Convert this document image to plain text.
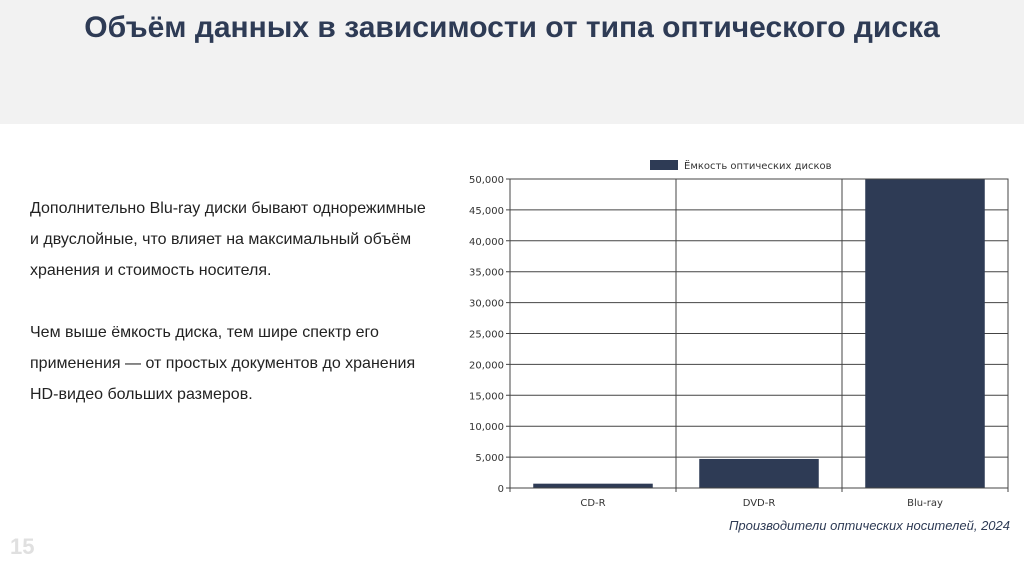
Объём данных в зависимости от типа оптического диска

Дополнительно Blu-ray диски бывают однорежимные и двуслойные, что влияет на максимальный объём хранения и стоимость носителя.

Чем выше ёмкость диска, тем шире спектр его применения — от простых документов до хранения HD-видео больших размеров.

0
5,000
10,000
15,000
20,000
25,000
30,000
35,000
40,000
45,000
50,000
CD-R	DVD-R	Blu-ray
Ёмкость оптических дисков
Производители оптических носителей, 2024
15
